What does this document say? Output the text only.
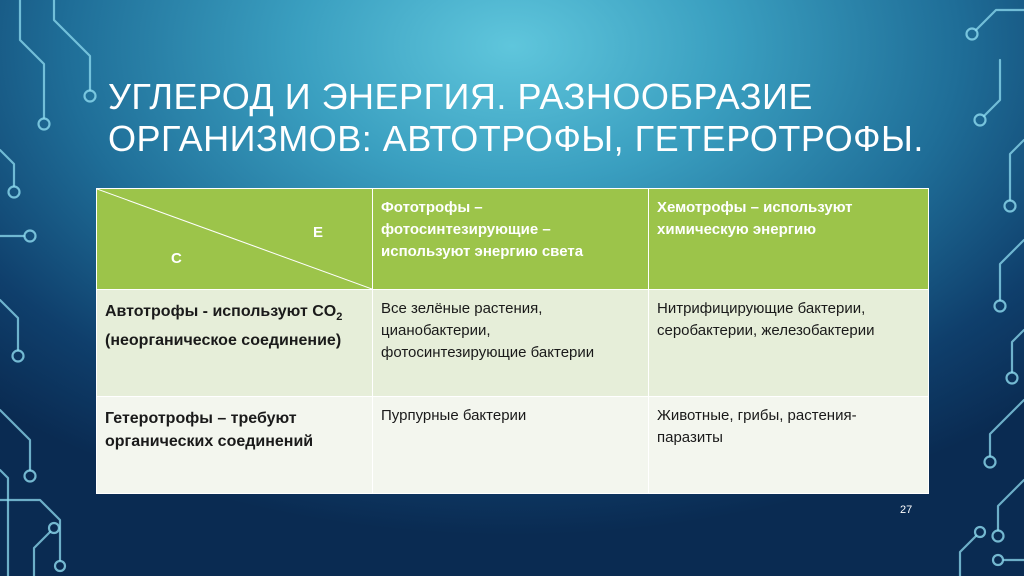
УГЛЕРОД И ЭНЕРГИЯ. РАЗНООБРАЗИЕ
ОРГАНИЗМОВ: АВТОТРОФЫ, ГЕТЕРОТРОФЫ.
Е
С	Фототрофы – фотосинтезирующие – используют энергию света	Хемотрофы – используют химическую энергию
Автотрофы - используют $CO_2$ (неорганическое соединение)	Все зелёные растения, цианобактерии, фотосинтезирующие бактерии	Нитрифицирующие бактерии, серобактерии, железобактерии
Гетеротрофы – требуют органических соединений	Пурпурные бактерии	Животные, грибы, растения-паразиты
27
